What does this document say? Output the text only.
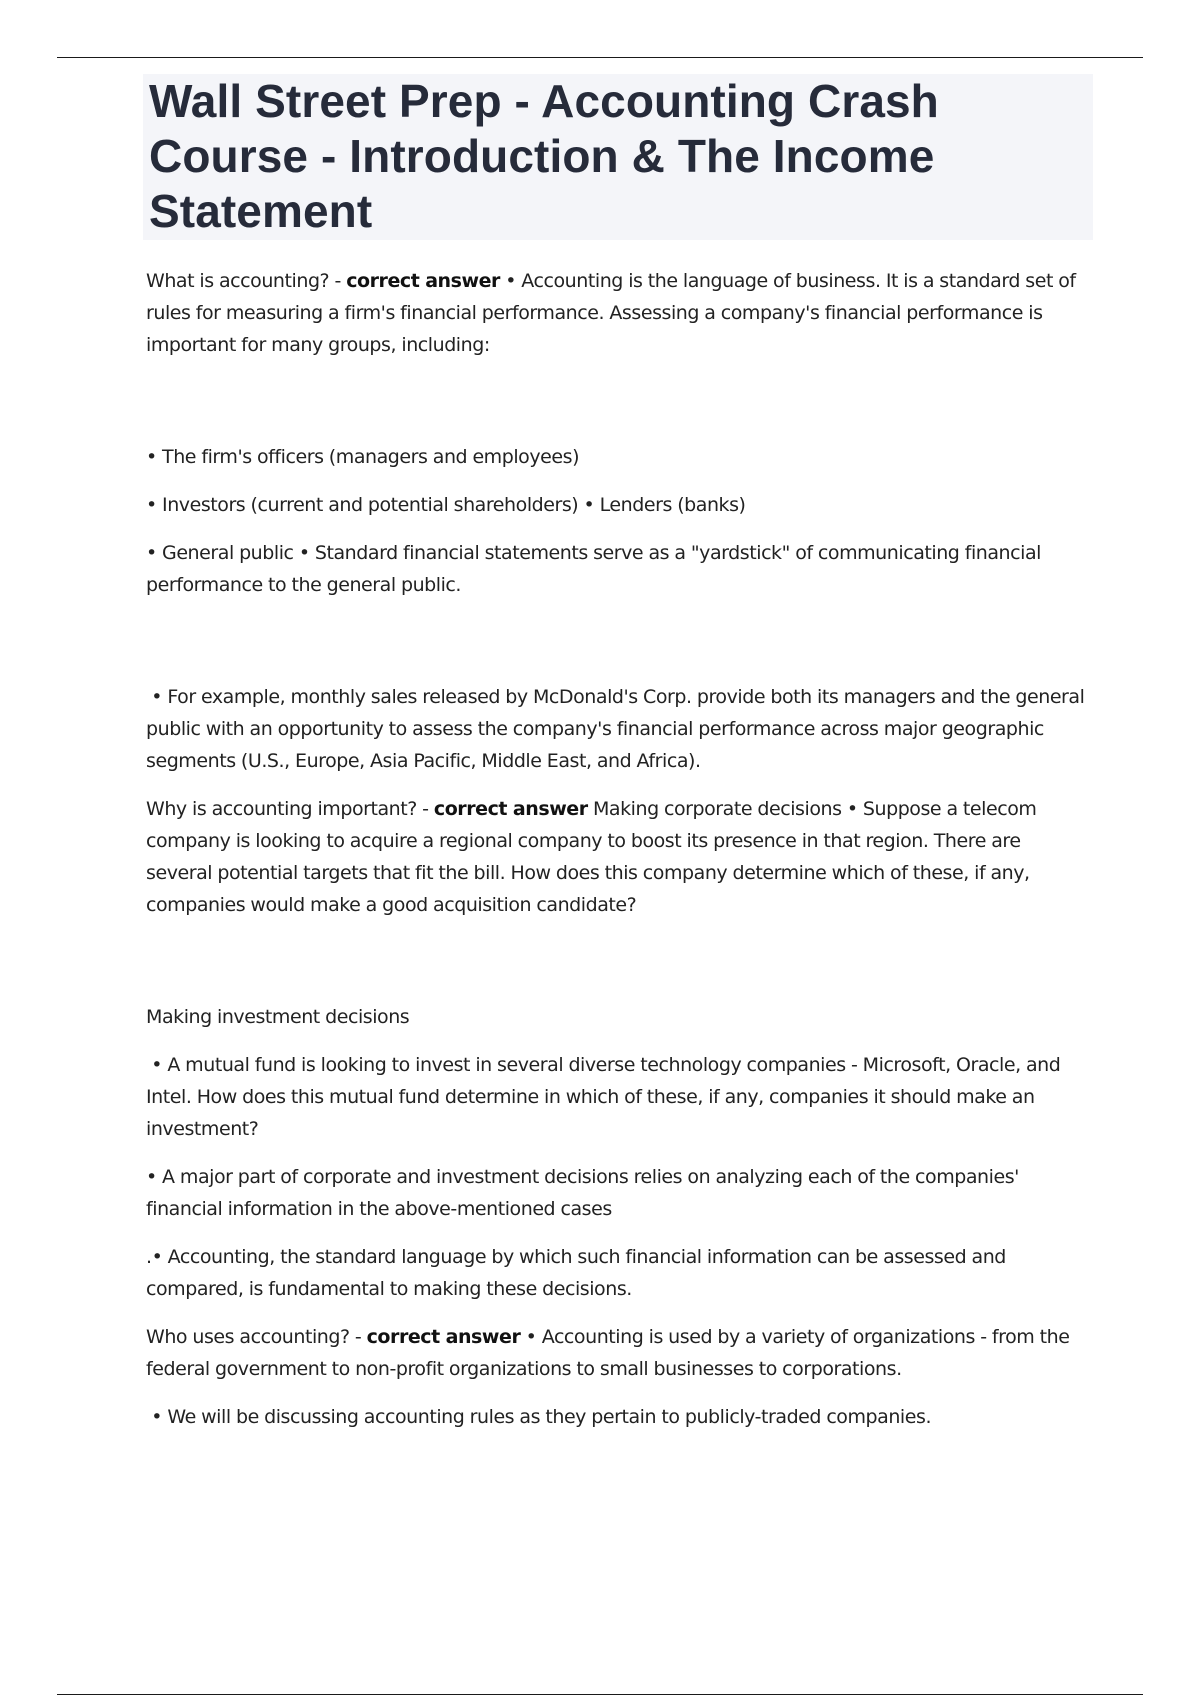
Wall Street Prep - Accounting Crash Course - Introduction & The Income Statement

What is accounting? - correct answer • Accounting is the language of business. It is a standard set of rules for measuring a firm's financial performance. Assessing a company's financial performance is important for many groups, including:

• The firm's officers (managers and employees)

• Investors (current and potential shareholders) • Lenders (banks)

• General public • Standard financial statements serve as a "yardstick" of communicating financial performance to the general public.

• For example, monthly sales released by McDonald's Corp. provide both its managers and the general public with an opportunity to assess the company's financial performance across major geographic segments (U.S., Europe, Asia Pacific, Middle East, and Africa).

Why is accounting important? - correct answer Making corporate decisions • Suppose a telecom company is looking to acquire a regional company to boost its presence in that region. There are several potential targets that fit the bill. How does this company determine which of these, if any, companies would make a good acquisition candidate?

Making investment decisions

• A mutual fund is looking to invest in several diverse technology companies - Microsoft, Oracle, and Intel. How does this mutual fund determine in which of these, if any, companies it should make an investment?

• A major part of corporate and investment decisions relies on analyzing each of the companies' financial information in the above-mentioned cases

.• Accounting, the standard language by which such financial information can be assessed and compared, is fundamental to making these decisions.

Who uses accounting? - correct answer • Accounting is used by a variety of organizations - from the federal government to non-profit organizations to small businesses to corporations.

• We will be discussing accounting rules as they pertain to publicly-traded companies.
